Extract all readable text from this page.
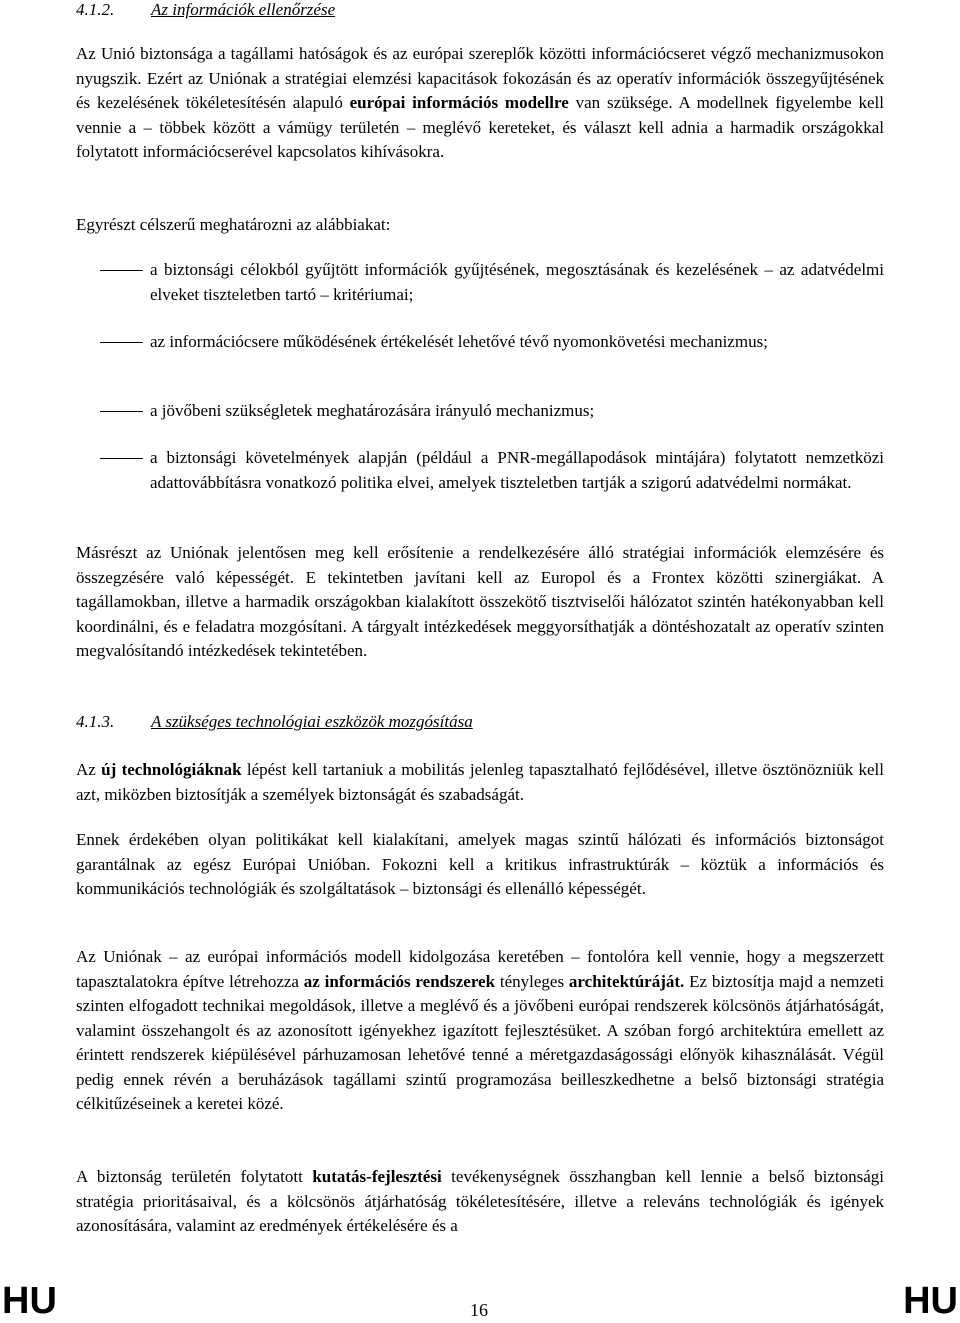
4.1.2. Az információk ellenőrzése

Az Unió biztonsága a tagállami hatóságok és az európai szereplők közötti információcseret végző mechanizmusokon nyugszik. Ezért az Uniónak a stratégiai elemzési kapacitások fokozásán és az operatív információk összegyűjtésének és kezelésének tökéletesítésén alapuló európai információs modellre van szüksége. A modellnek figyelembe kell vennie a – többek között a vámügy területén – meglévő kereteket, és választ kell adnia a harmadik országokkal folytatott információcserével kapcsolatos kihívásokra.

Egyrészt célszerű meghatározni az alábbiakat:

a biztonsági célokból gyűjtött információk gyűjtésének, megosztásának és kezelésének – az adatvédelmi elveket tiszteletben tartó – kritériumai;

az információcsere működésének értékelését lehetővé tévő nyomonkövetési mechanizmus;

a jövőbeni szükségletek meghatározására irányuló mechanizmus;

a biztonsági követelmények alapján (például a PNR-megállapodások mintájára) folytatott nemzetközi adattovábbításra vonatkozó politika elvei, amelyek tiszteletben tartják a szigorú adatvédelmi normákat.

Másrészt az Uniónak jelentősen meg kell erősítenie a rendelkezésére álló stratégiai információk elemzésére és összegzésére való képességét. E tekintetben javítani kell az Europol és a Frontex közötti szinergiákat. A tagállamokban, illetve a harmadik országokban kialakított összekötő tisztviselői hálózatot szintén hatékonyabban kell koordinálni, és e feladatra mozgósítani. A tárgyalt intézkedések meggyorsíthatják a döntéshozatalt az operatív szinten megvalósítandó intézkedések tekintetében.

4.1.3. A szükséges technológiai eszközök mozgósítása

Az új technológiáknak lépést kell tartaniuk a mobilitás jelenleg tapasztalható fejlődésével, illetve ösztönözniük kell azt, miközben biztosítják a személyek biztonságát és szabadságát.

Ennek érdekében olyan politikákat kell kialakítani, amelyek magas szintű hálózati és információs biztonságot garantálnak az egész Európai Unióban. Fokozni kell a kritikus infrastruktúrák – köztük a információs és kommunikációs technológiák és szolgáltatások – biztonsági és ellenálló képességét.

Az Uniónak – az európai információs modell kidolgozása keretében – fontolóra kell vennie, hogy a megszerzett tapasztalatokra építve létrehozza az információs rendszerek tényleges architektúráját. Ez biztosítja majd a nemzeti szinten elfogadott technikai megoldások, illetve a meglévő és a jövőbeni európai rendszerek kölcsönös átjárhatóságát, valamint összehangolt és az azonosított igényekhez igazított fejlesztésüket. A szóban forgó architektúra emellett az érintett rendszerek kiépülésével párhuzamosan lehetővé tenné a méretgazdaságossági előnyök kihasználását. Végül pedig ennek révén a beruházások tagállami szintű programozása beilleszkedhetne a belső biztonsági stratégia célkitűzéseinek a keretei közé.

A biztonság területén folytatott kutatás-fejlesztési tevékenységnek összhangban kell lennie a belső biztonsági stratégia prioritásaival, és a kölcsönös átjárhatóság tökéletesítésére, illetve a releváns technológiák és igények azonosítására, valamint az eredmények értékelésére és a

HU	16	HU
